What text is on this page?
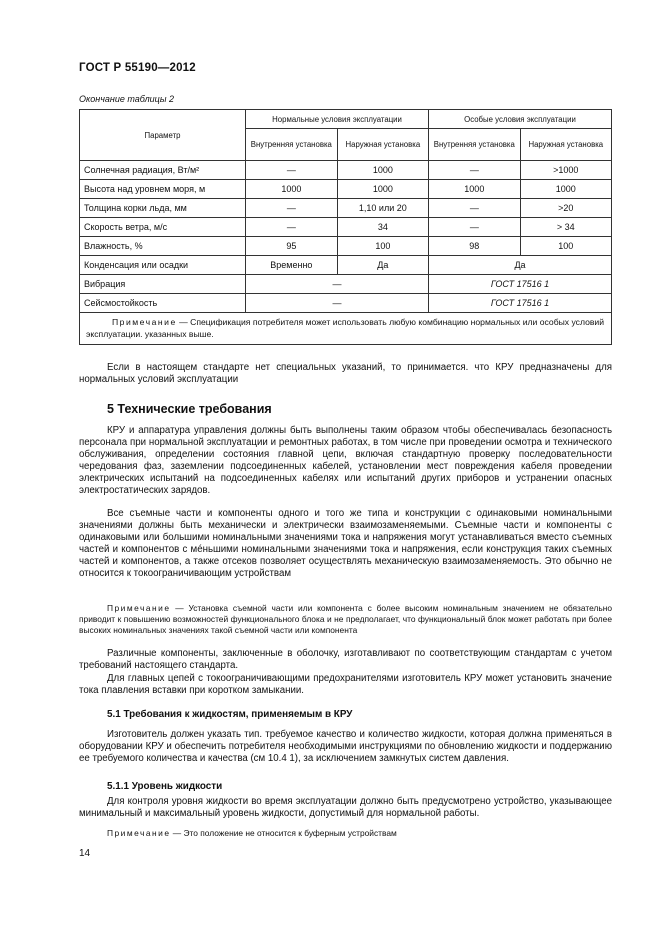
ГОСТ Р 55190—2012
Окончание таблицы 2
Параметр	Нормальные условия эксплуатации		Особые условия эксплуатации	
	Внутренняя установка	Наружная установка	Внутренняя установка	Наружная установка
Солнечная радиация, Вт/м²	—	1000	—	>1000
Высота над уровнем моря, м	1000	1000	1000	1000
Толщина корки льда, мм	—	1,10 или 20	—	>20
Скорость ветра, м/с	—	34	—	> 34
Влажность, %	95	100	98	100
Конденсация или осадки	Временно	Да	Да	
Вибрация	—		ГОСТ 17516 1	
Сейсмостойкость	—		ГОСТ 17516 1	
Примечание — Спецификация потребителя может использовать любую комбинацию нормальных или особых условий эксплуатации. указанных выше.				
Если в настоящем стандарте нет специальных указаний, то принимается. что КРУ предназначены для нормальных условий эксплуатации
5 Технические требования
КРУ и аппаратура управления должны быть выполнены таким образом чтобы обеспечивалась безопасность персонала при нормальной эксплуатации и ремонтных работах, в том числе при проведении осмотра и технического обслуживания, определении состояния главной цепи, включая стандартную проверку последовательности чередования фаз, заземлении подсоединенных кабелей, установлении мест повреждения кабеля проведении электрических испытаний на подсоединенных кабелях или испытаний других приборов и устранении опасных электростатических зарядов.
Все съемные части и компоненты одного и того же типа и конструкции с одинаковыми номинальными значениями должны быть механически и электрически взаимозаменяемыми. Съемные части и компоненты с одинаковыми или большими номинальными значениями тока и напряжения могут устанавливаться вместо съемных частей и компонентов с мéньшими номинальными значениями тока и напряжения, если конструкция таких съемных частей и компонентов, а также отсеков позволяет осуществлять механическую взаимозаменяемость. Это обычно не относится к токоограничивающим устройствам
Примечание — Установка съемной части или компонента с более высоким номинальным значением не обязательно приводит к повышению возможностей функционального блока и не предполагает, что функциональный блок может работать при более высоких номинальных значениях такой съемной части или компонента
Различные компоненты, заключенные в оболочку, изготавливают по соответствующим стандартам с учетом требований настоящего стандарта.
Для главных цепей с токоограничивающими предохранителями изготовитель КРУ может установить значение тока плавления вставки при коротком замыкании.
5.1 Требования к жидкостям, применяемым в КРУ
Изготовитель должен указать тип. требуемое качество и количество жидкости, которая должна применяться в оборудовании КРУ и обеспечить потребителя необходимыми инструкциями по обновлению жидкости и поддержанию ее требуемого количества и качества (см 10.4 1), за исключением замкнутых систем давления.
5.1.1 Уровень жидкости
Для контроля уровня жидкости во время эксплуатации должно быть предусмотрено устройство, указывающее минимальный и максимальный уровень жидкости, допустимый для нормальной работы.
Примечание — Это положение не относится к буферным устройствам
14
